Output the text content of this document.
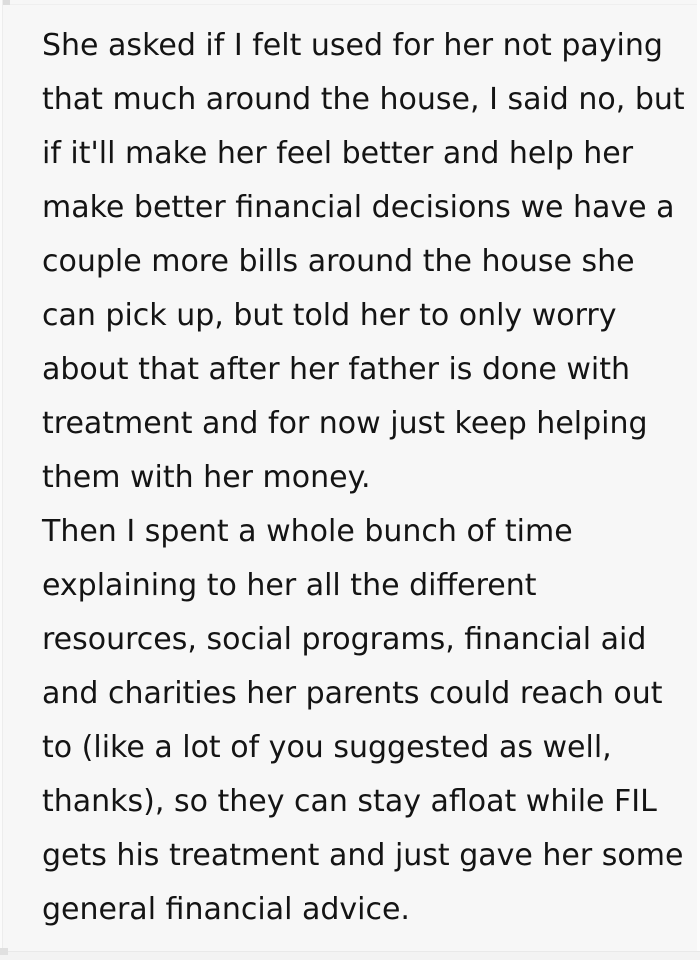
She asked if I felt used for her not paying
that much around the house, I said no, but
if it'll make her feel better and help her
make better financial decisions we have a
couple more bills around the house she
can pick up, but told her to only worry
about that after her father is done with
treatment and for now just keep helping
them with her money.
Then I spent a whole bunch of time
explaining to her all the different
resources, social programs, financial aid
and charities her parents could reach out
to (like a lot of you suggested as well,
thanks), so they can stay afloat while FIL
gets his treatment and just gave her some
general financial advice.
